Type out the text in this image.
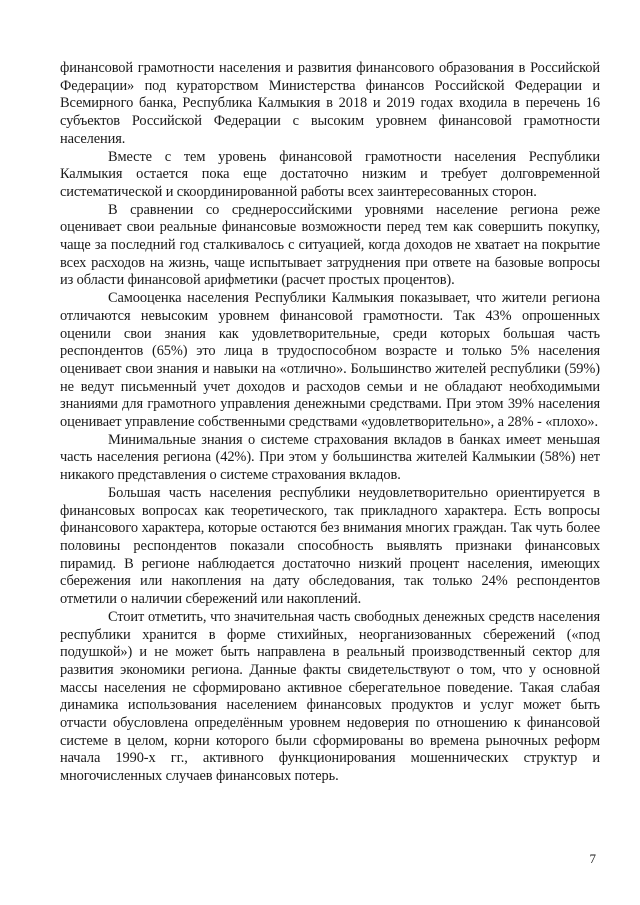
финансовой грамотности населения и развития финансового образования в Российской Федерации» под кураторством Министерства финансов Российской Федерации и Всемирного банка, Республика Калмыкия в 2018 и 2019 годах входила в перечень 16 субъектов Российской Федерации с высоким уровнем финансовой грамотности населения.

Вместе с тем уровень финансовой грамотности населения Республики Калмыкия остается пока еще достаточно низким и требует долговременной систематической и скоординированной работы всех заинтересованных сторон.

В сравнении со среднероссийскими уровнями население региона реже оценивает свои реальные финансовые возможности перед тем как совершить покупку, чаще за последний год сталкивалось с ситуацией, когда доходов не хватает на покрытие всех расходов на жизнь, чаще испытывает затруднения при ответе на базовые вопросы из области финансовой арифметики (расчет простых процентов).

Самооценка населения Республики Калмыкия показывает, что жители региона отличаются невысоким уровнем финансовой грамотности. Так 43% опрошенных оценили свои знания как удовлетворительные, среди которых большая часть респондентов (65%) это лица в трудоспособном возрасте и только 5% населения оценивает свои знания и навыки на «отлично». Большинство жителей республики (59%) не ведут письменный учет доходов и расходов семьи и не обладают необходимыми знаниями для грамотного управления денежными средствами. При этом 39% населения оценивает управление собственными средствами «удовлетворительно», а 28% - «плохо».

Минимальные знания о системе страхования вкладов в банках имеет меньшая часть населения региона (42%). При этом у большинства жителей Калмыкии (58%) нет никакого представления о системе страхования вкладов.

Большая часть населения республики неудовлетворительно ориентируется в финансовых вопросах как теоретического, так прикладного характера. Есть вопросы финансового характера, которые остаются без внимания многих граждан. Так чуть более половины респондентов показали способность выявлять признаки финансовых пирамид. В регионе наблюдается достаточно низкий процент населения, имеющих сбережения или накопления на дату обследования, так только 24% респондентов отметили о наличии сбережений или накоплений.

Стоит отметить, что значительная часть свободных денежных средств населения республики хранится в форме стихийных, неорганизованных сбережений («под подушкой») и не может быть направлена в реальный производственный сектор для развития экономики региона. Данные факты свидетельствуют о том, что у основной массы населения не сформировано активное сберегательное поведение. Такая слабая динамика использования населением финансовых продуктов и услуг может быть отчасти обусловлена определённым уровнем недоверия по отношению к финансовой системе в целом, корни которого были сформированы во времена рыночных реформ начала 1990-х гг., активного функционирования мошеннических структур и многочисленных случаев финансовых потерь.

7
